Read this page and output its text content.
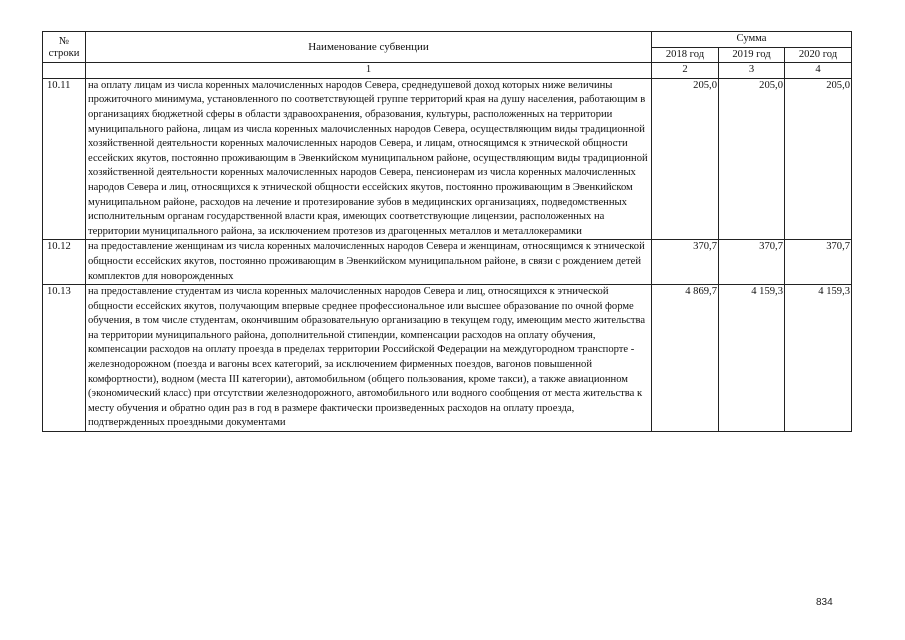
№
строки	Наименование субвенции	Сумма		
		2018 год	2019 год	2020 год
	1	2	3	4
10.11	на оплату лицам из числа коренных малочисленных народов Севера, среднедушевой доход которых ниже величины прожиточного минимума, установленного по соответствующей группе территорий края на душу населения, работающим в организациях бюджетной сферы в области здравоохранения, образования, культуры, расположенных на территории муниципального района, лицам из числа коренных малочисленных народов Севера, осуществляющим виды традиционной хозяйственной деятельности коренных малочисленных народов Севера, и лицам, относящимся к этнической общности ессейских якутов, постоянно проживающим в Эвенкийском муниципальном районе, осуществляющим виды традиционной хозяйственной деятельности коренных малочисленных народов Севера, пенсионерам из числа коренных малочисленных народов Севера и лиц, относящихся к этнической общности ессейских якутов, постоянно проживающим в Эвенкийском муниципальном районе, расходов на лечение и протезирование зубов в медицинских организациях, подведомственных исполнительным органам государственной власти края, имеющих соответствующие лицензии, расположенных на территории муниципального района, за исключением протезов из драгоценных металлов и металлокерамики	205,0	205,0	205,0
10.12	на предоставление женщинам из числа коренных малочисленных народов Севера и женщинам, относящимся к этнической общности ессейских якутов, постоянно проживающим в Эвенкийском муниципальном районе, в связи с рождением детей комплектов для новорожденных	370,7	370,7	370,7
10.13	на предоставление студентам из числа коренных малочисленных народов Севера и лиц, относящихся к этнической общности ессейских якутов, получающим впервые среднее профессиональное или высшее образование по очной форме обучения, в том числе студентам, окончившим образовательную организацию в текущем году, имеющим место жительства на территории муниципального района, дополнительной стипендии, компенсации расходов на оплату обучения, компенсации расходов на оплату проезда в пределах территории Российской Федерации на междугородном транспорте - железнодорожном (поезда и вагоны всех категорий, за исключением фирменных поездов, вагонов повышенной комфортности), водном (места III категории), автомобильном (общего пользования, кроме такси), а также авиационном (экономический класс) при отсутствии железнодорожного, автомобильного или водного сообщения от места жительства к месту обучения и обратно один раз в год в размере фактически произведенных расходов на оплату проезда, подтвержденных проездными документами	4 869,7	4 159,3	4 159,3
834
